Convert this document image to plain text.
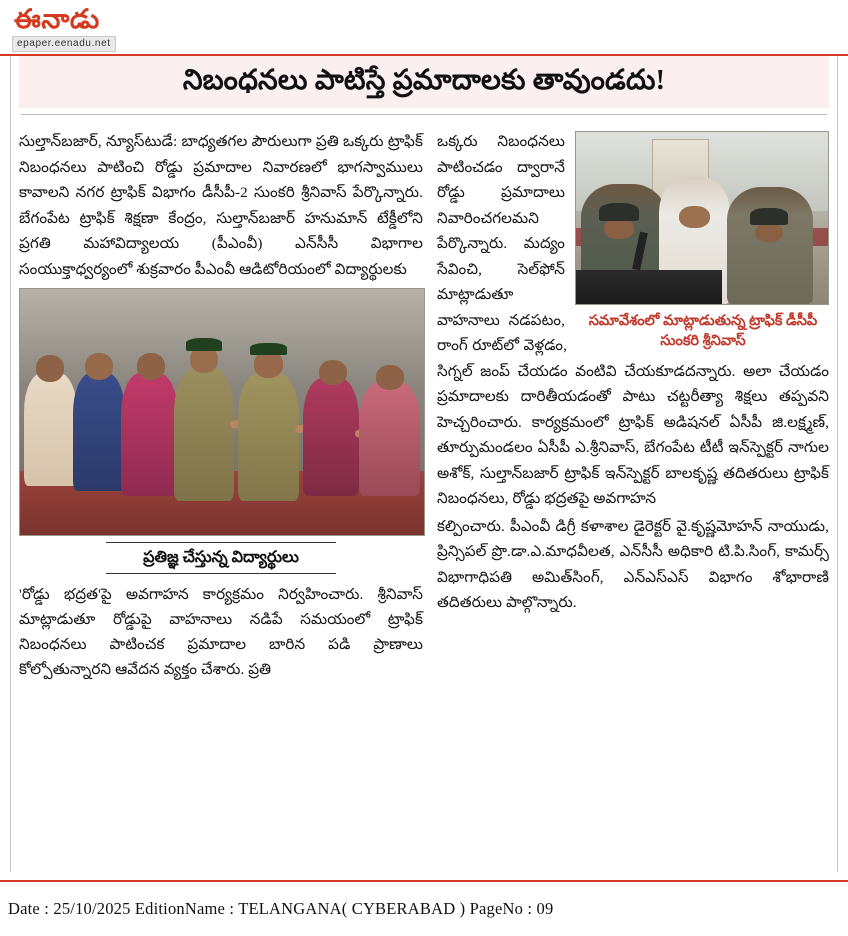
ఈనాడు
epaper.eenadu.net
నిబంధనలు పాటిస్తే ప్రమాదాలకు తావుండదు!
సుల్తాన్‌బజార్, న్యూస్‌టుడే: బాధ్యతగల పౌరులుగా ప్రతి ఒక్కరు ట్రాఫిక్ నిబంధనలు పాటించి రోడ్డు ప్రమాదాల నివారణలో భాగస్వాములు కావాలని నగర ట్రాఫిక్ విభాగం డీసీపీ-2 సుంకరి శ్రీనివాస్ పేర్కొన్నారు. బేగంపేట ట్రాఫిక్ శిక్షణా కేంద్రం, సుల్తాన్‌బజార్ హనుమాన్ టేక్డీలోని ప్రగతి మహావిద్యాలయ (పీఎంవీ) ఎన్‌సీసీ విభాగాల సంయుక్తాధ్వర్యంలో శుక్రవారం పీఎంవీ ఆడిటోరియంలో విద్యార్థులకు
ప్రతిజ్ఞ చేస్తున్న విద్యార్థులు
'రోడ్డు భద్రత'పై అవగాహన కార్యక్రమం నిర్వహించారు. శ్రీనివాస్ మాట్లాడుతూ రోడ్డుపై వాహనాలు నడిపే సమయంలో ట్రాఫిక్ నిబంధనలు పాటించక ప్రమాదాల బారిన పడి ప్రాణాలు కోల్పోతున్నారని ఆవేదన వ్యక్తం చేశారు. ప్రతి
సమావేశంలో మాట్లాడుతున్న ట్రాఫిక్ డీసీపీ సుంకరి శ్రీనివాస్
ఒక్కరు నిబంధనలు పాటించడం ద్వారానే రోడ్డు ప్రమాదాలు నివారించగలమని పేర్కొన్నారు. మద్యం సేవించి, సెల్‌ఫోన్ మాట్లాడుతూ వాహనాలు నడపటం, రాంగ్ రూట్‌లో వెళ్లడం, సిగ్నల్ జంప్ చేయడం వంటివి చేయకూడదన్నారు. అలా చేయడం ప్రమాదాలకు దారితీయడంతో పాటు చట్టరీత్యా శిక్షలు తప్పవని హెచ్చరించారు. కార్యక్రమంలో ట్రాఫిక్ అడిషనల్ ఏసీపీ జి.లక్ష్మణ్, తూర్పుమండలం ఏసీపీ ఎ.శ్రీనివాస్, బేగంపేట టీటీ ఇన్‌స్పెక్టర్ నాగుల అశోక్, సుల్తాన్‌బజార్ ట్రాఫిక్ ఇన్‌స్పెక్టర్ బాలకృష్ణ తదితరులు ట్రాఫిక్ నిబంధనలు, రోడ్డు భద్రతపై అవగాహన
కల్పించారు. పీఎంవీ డిగ్రీ కళాశాల డైరెక్టర్ వై.కృష్ణమోహన్ నాయుడు, ప్రిన్సిపల్ ప్రొ.డా.ఎ.మాధవీలత, ఎన్‌సీసీ అధికారి టి.పి.సింగ్, కామర్స్ విభాగాధిపతి అమిత్‌సింగ్, ఎన్‌ఎస్‌ఎస్ విభాగం శోభారాణి తదితరులు పాల్గొన్నారు.
Date : 25/10/2025 EditionName : TELANGANA( CYBERABAD ) PageNo : 09
